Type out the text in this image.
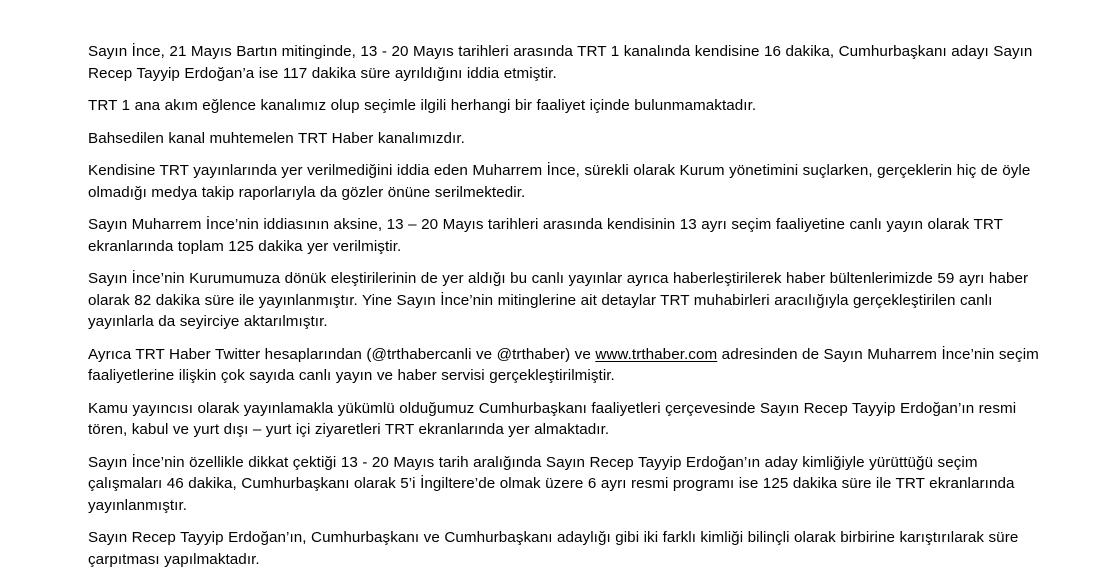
Sayın İnce, 21 Mayıs Bartın mitinginde, 13 - 20 Mayıs tarihleri arasında TRT 1 kanalında kendisine 16 dakika, Cumhurbaşkanı adayı Sayın Recep Tayyip Erdoğan’a ise 117 dakika süre ayrıldığını iddia etmiştir.

TRT 1 ana akım eğlence kanalımız olup seçimle ilgili herhangi bir faaliyet içinde bulunmamaktadır.

Bahsedilen kanal muhtemelen TRT Haber kanalımızdır.

Kendisine TRT yayınlarında yer verilmediğini iddia eden Muharrem İnce, sürekli olarak Kurum yönetimini suçlarken, gerçeklerin hiç de öyle olmadığı medya takip raporlarıyla da gözler önüne serilmektedir.

Sayın Muharrem İnce’nin iddiasının aksine, 13 – 20 Mayıs tarihleri arasında kendisinin 13 ayrı seçim faaliyetine canlı yayın olarak TRT ekranlarında toplam 125 dakika yer verilmiştir.

Sayın İnce’nin Kurumumuza dönük eleştirilerinin de yer aldığı bu canlı yayınlar ayrıca haberleştirilerek haber bültenlerimizde 59 ayrı haber olarak 82 dakika süre ile yayınlanmıştır. Yine Sayın İnce’nin mitinglerine ait detaylar TRT muhabirleri aracılığıyla gerçekleştirilen canlı yayınlarla da seyirciye aktarılmıştır.

Ayrıca TRT Haber Twitter hesaplarından (@trthabercanli ve @trthaber) ve www.trthaber.com adresinden de Sayın Muharrem İnce’nin seçim faaliyetlerine ilişkin çok sayıda canlı yayın ve haber servisi gerçekleştirilmiştir.

Kamu yayıncısı olarak yayınlamakla yükümlü olduğumuz Cumhurbaşkanı faaliyetleri çerçevesinde Sayın Recep Tayyip Erdoğan’ın resmi tören, kabul ve yurt dışı – yurt içi ziyaretleri TRT ekranlarında yer almaktadır.

Sayın İnce’nin özellikle dikkat çektiği 13 - 20 Mayıs tarih aralığında Sayın Recep Tayyip Erdoğan’ın aday kimliğiyle yürüttüğü seçim çalışmaları 46 dakika, Cumhurbaşkanı olarak 5’i İngiltere’de olmak üzere 6 ayrı resmi programı ise 125 dakika süre ile TRT ekranlarında yayınlanmıştır.

Sayın Recep Tayyip Erdoğan’ın, Cumhurbaşkanı ve Cumhurbaşkanı adaylığı gibi iki farklı kimliği bilinçli olarak birbirine karıştırılarak süre çarpıtması yapılmaktadır.
